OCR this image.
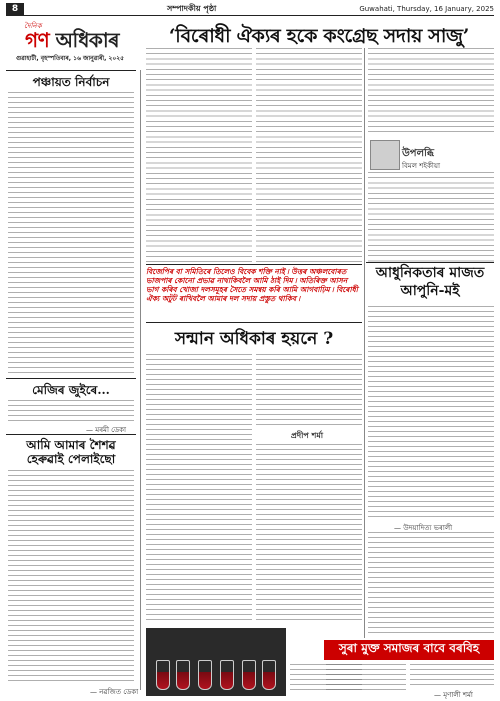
8	সম্পাদকীয় পৃষ্ঠা	Guwahati, Thursday, 16 January, 2025
দৈনিক
গণ অধিকাৰ
গুৱাহাটী, বৃহস্পতিবাৰ, ১৬ জানুৱাৰী, ২০২৫
‘বিৰোধী ঐক্যৰ হকে কংগ্ৰেছ সদায় সাজু’
পঞ্চায়ত নিৰ্বাচন
মেজিৰ জুইৰে...
— মৰমী ডেকা
আমি আমাৰ শৈশৱ হেৰুৱাই পেলাইছো
— নৱজিত ডেকা
উপলব্ধি
বিমল শইকীয়া
আধুনিকতাৰ মাজত আপুনি-মই
— উদয়াদিত্য ভৰালী
বিজেপিৰ বা সমিতিৰে তিলেও বিবেক শক্তি নাই ৷ উত্তৰ অঞ্চলবোৰত ভাজপাৰ কোনো প্ৰভাৱ নাথাকিবলৈ আমি ঠাই দিম ৷ অতিৰিক্ত আসন ভাগ কৰিব খোজা দলসমূহৰ সৈতে সমন্বয় কৰি আমি আগবাঢ়িম ৷ বিৰোধী ঐক্য অটুট ৰাখিবলৈ আমাৰ দল সদায় প্ৰস্তুত থাকিব ৷
সন্মান অধিকাৰ হয়নে ?
প্ৰদীপ শৰ্মা
সুৰা মুক্ত সমাজৰ বাবে বৰবিহ
— মৃণালী শৰ্মা
